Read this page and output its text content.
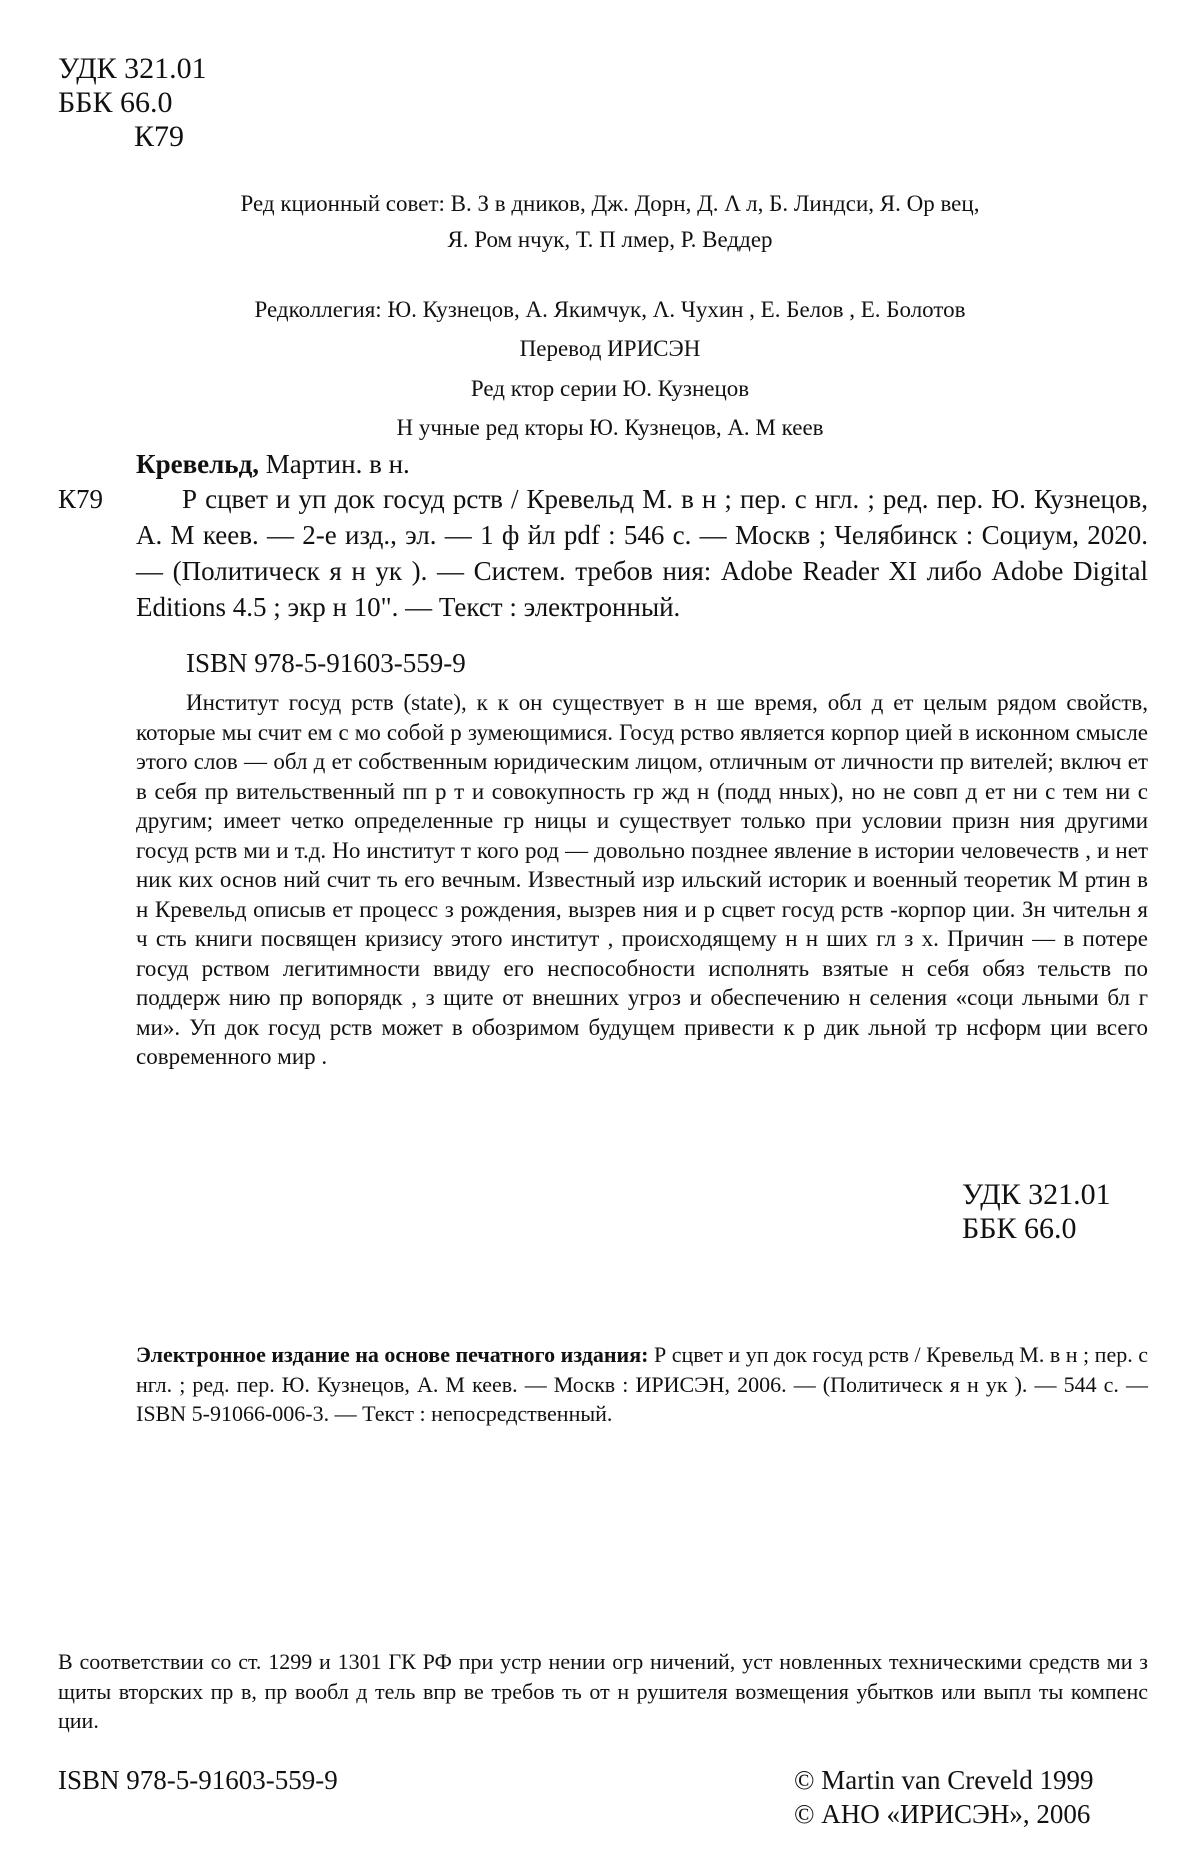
УДК 321.01
ББК 66.0
К79
Ред кционный совет: В. З в дников, Дж. Дорн, Д. Λ л, Б. Линдси, Я. Ор вец,
Я. Ром нчук, Т. П лмер, Р. Веддер
Редколлегия: Ю. Кузнецов, А. Якимчук, Λ. Чухин , Е. Белов , Е. Болотов
Перевод ИРИСЭН
Ред ктор серии Ю. Кузнецов
Н учные ред кторы Ю. Кузнецов, А. М кеев
Кревельд, Мартин. в н.
К79	Р сцвет и уп док госуд рств / Кревельд М. в н ; пер. с нгл. ; ред. пер. Ю. Кузнецов, А. М кеев. — 2-е изд., эл. — 1 ф йл pdf : 546 с. — Москв ; Челябинск : Социум, 2020. — (Политическ я н ук ). — Систем. требов ния: Adobe Reader XI либо Adobe Digital Editions 4.5 ; экр н 10". — Текст : электронный.
ISBN 978-5-91603-559-9
Институт госуд рств (state), к к он существует в н ше время, обл д ет целым рядом свойств, которые мы счит ем с мо собой р зумеющимися. Госуд рство является корпор цией в исконном смысле этого слов — обл д ет собственным юридическим лицом, отличным от личности пр вителей; включ ет в себя пр вительственный пп р т и совокупность гр жд н (подд нных), но не совп д ет ни с тем ни с другим; имеет четко определенные гр ницы и существует только при условии призн ния другими госуд рств ми и т.д. Но институт т кого род — довольно позднее явление в истории человечеств , и нет ник ких основ ний счит ть его вечным. Известный изр ильский историк и военный теоретик М ртин в н Кревельд описыв ет процесс з рождения, вызрев ния и р сцвет госуд рств -корпор ции. Зн чительн я ч сть книги посвящен кризису этого институт , происходящему н н ших гл з х. Причин — в потере госуд рством легитимности ввиду его неспособности исполнять взятые н себя обяз тельств по поддерж нию пр вопорядк , з щите от внешних угроз и обеспечению н селения «соци льными бл г ми». Уп док госуд рств может в обозримом будущем привести к р дик льной тр нсформ ции всего современного мир .
УДК 321.01
ББК 66.0
Электронное издание на основе печатного издания: Р сцвет и уп док госуд рств / Кревельд М. в н ; пер. с нгл. ; ред. пер. Ю. Кузнецов, А. М кеев. — Москв : ИРИСЭН, 2006. — (Политическ я н ук ). — 544 с. — ISBN 5-91066-006-3. — Текст : непосредственный.
В соответствии со ст. 1299 и 1301 ГК РФ при устр нении огр ничений, уст новленных техническими средств ми з щиты вторских пр в, пр вообл д тель впр ве требов ть от н рушителя возмещения убытков или выпл ты компенс ции.
ISBN 978-5-91603-559-9	© Martin van Creveld 1999
© АНО «ИРИСЭН», 2006
